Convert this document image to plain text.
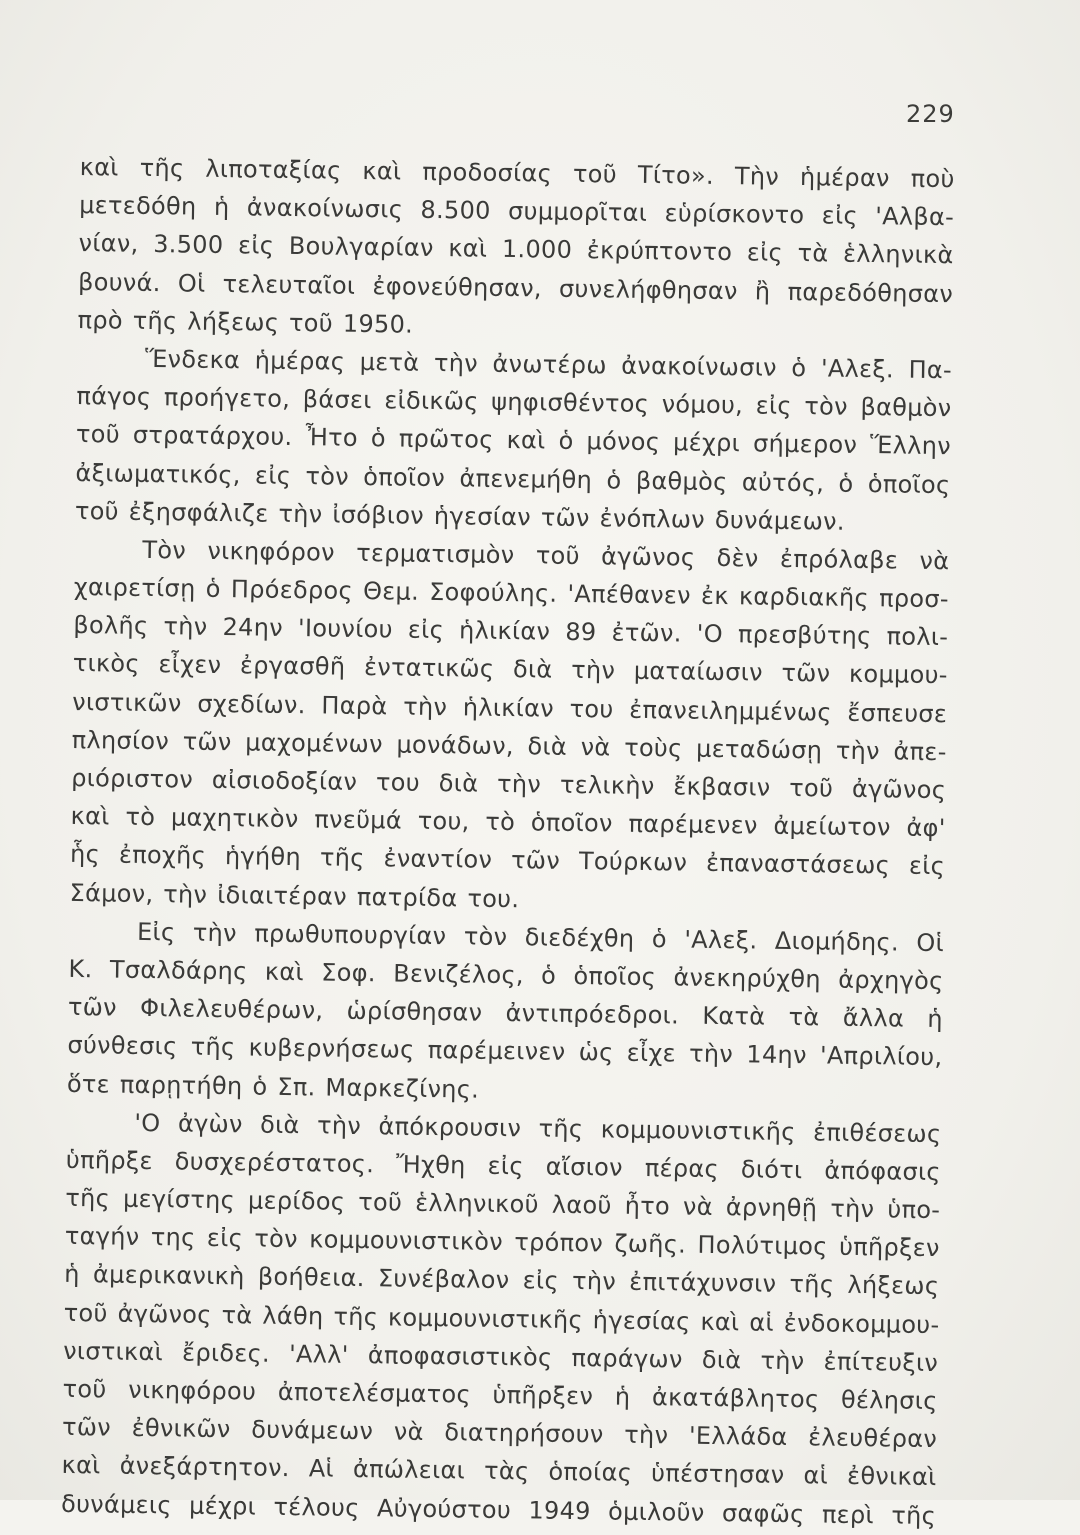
229
καὶ τῆς λιποταξίας καὶ προδοσίας τοῦ Τίτο». Τὴν ἡμέραν ποὺ
μετεδόθη ἡ ἀνακοίνωσις 8.500 συμμορῖται εὑρίσκοντο εἰς 'Αλβα-
νίαν, 3.500 εἰς Βουλγαρίαν καὶ 1.000 ἐκρύπτοντο εἰς τὰ ἑλληνικὰ
βουνά. Οἱ τελευταῖοι ἐφονεύθησαν, συνελήφθησαν ἢ παρεδόθησαν
πρὸ τῆς λήξεως τοῦ 1950.
Ἕνδεκα ἡμέρας μετὰ τὴν ἀνωτέρω ἀνακοίνωσιν ὁ 'Αλεξ. Πα-
πάγος προήγετο, βάσει εἰδικῶς ψηφισθέντος νόμου, εἰς τὸν βαθμὸν
τοῦ στρατάρχου. Ἦτο ὁ πρῶτος καὶ ὁ μόνος μέχρι σήμερον Ἕλλην
ἀξιωματικός, εἰς τὸν ὁποῖον ἀπενεμήθη ὁ βαθμὸς αὐτός, ὁ ὁποῖος
τοῦ ἐξησφάλιζε τὴν ἰσόβιον ἡγεσίαν τῶν ἐνόπλων δυνάμεων.
Τὸν νικηφόρον τερματισμὸν τοῦ ἀγῶνος δὲν ἐπρόλαβε νὰ
χαιρετίσῃ ὁ Πρόεδρος Θεμ. Σοφούλης. 'Απέθανεν ἐκ καρδιακῆς προσ-
βολῆς τὴν 24ην 'Ιουνίου εἰς ἡλικίαν 89 ἐτῶν. 'Ο πρεσβύτης πολι-
τικὸς εἶχεν ἐργασθῆ ἐντατικῶς διὰ τὴν ματαίωσιν τῶν κομμου-
νιστικῶν σχεδίων. Παρὰ τὴν ἡλικίαν του ἐπανειλημμένως ἔσπευσε
πλησίον τῶν μαχομένων μονάδων, διὰ νὰ τοὺς μεταδώσῃ τὴν ἀπε-
ριόριστον αἰσιοδοξίαν του διὰ τὴν τελικὴν ἔκβασιν τοῦ ἀγῶνος
καὶ τὸ μαχητικὸν πνεῦμά του, τὸ ὁποῖον παρέμενεν ἀμείωτον ἀφ'
ἧς ἐποχῆς ἡγήθη τῆς ἐναντίον τῶν Τούρκων ἐπαναστάσεως εἰς
Σάμον, τὴν ἰδιαιτέραν πατρίδα του.
Εἰς τὴν πρωθυπουργίαν τὸν διεδέχθη ὁ 'Αλεξ. Διομήδης. Οἱ
Κ. Τσαλδάρης καὶ Σοφ. Βενιζέλος, ὁ ὁποῖος ἀνεκηρύχθη ἀρχηγὸς
τῶν Φιλελευθέρων, ὡρίσθησαν ἀντιπρόεδροι. Κατὰ τὰ ἄλλα ἡ
σύνθεσις τῆς κυβερνήσεως παρέμεινεν ὡς εἶχε τὴν 14ην 'Απριλίου,
ὅτε παρῃτήθη ὁ Σπ. Μαρκεζίνης.
'Ο ἀγὼν διὰ τὴν ἀπόκρουσιν τῆς κομμουνιστικῆς ἐπιθέσεως
ὑπῆρξε δυσχερέστατος. Ἤχθη εἰς αἴσιον πέρας διότι ἀπόφασις
τῆς μεγίστης μερίδος τοῦ ἑλληνικοῦ λαοῦ ἦτο νὰ ἀρνηθῇ τὴν ὑπο-
ταγήν της εἰς τὸν κομμουνιστικὸν τρόπον ζωῆς. Πολύτιμος ὑπῆρξεν
ἡ ἀμερικανικὴ βοήθεια. Συνέβαλον εἰς τὴν ἐπιτάχυνσιν τῆς λήξεως
τοῦ ἀγῶνος τὰ λάθη τῆς κομμουνιστικῆς ἡγεσίας καὶ αἱ ἐνδοκομμου-
νιστικαὶ ἔριδες. 'Αλλ' ἀποφασιστικὸς παράγων διὰ τὴν ἐπίτευξιν
τοῦ νικηφόρου ἀποτελέσματος ὑπῆρξεν ἡ ἀκατάβλητος θέλησις
τῶν ἐθνικῶν δυνάμεων νὰ διατηρήσουν τὴν 'Ελλάδα ἐλευθέραν
καὶ ἀνεξάρτητον. Αἱ ἀπώλειαι τὰς ὁποίας ὑπέστησαν αἱ ἐθνικαὶ
δυνάμεις μέχρι τέλους Αὐγούστου 1949 ὁμιλοῦν σαφῶς περὶ τῆς
